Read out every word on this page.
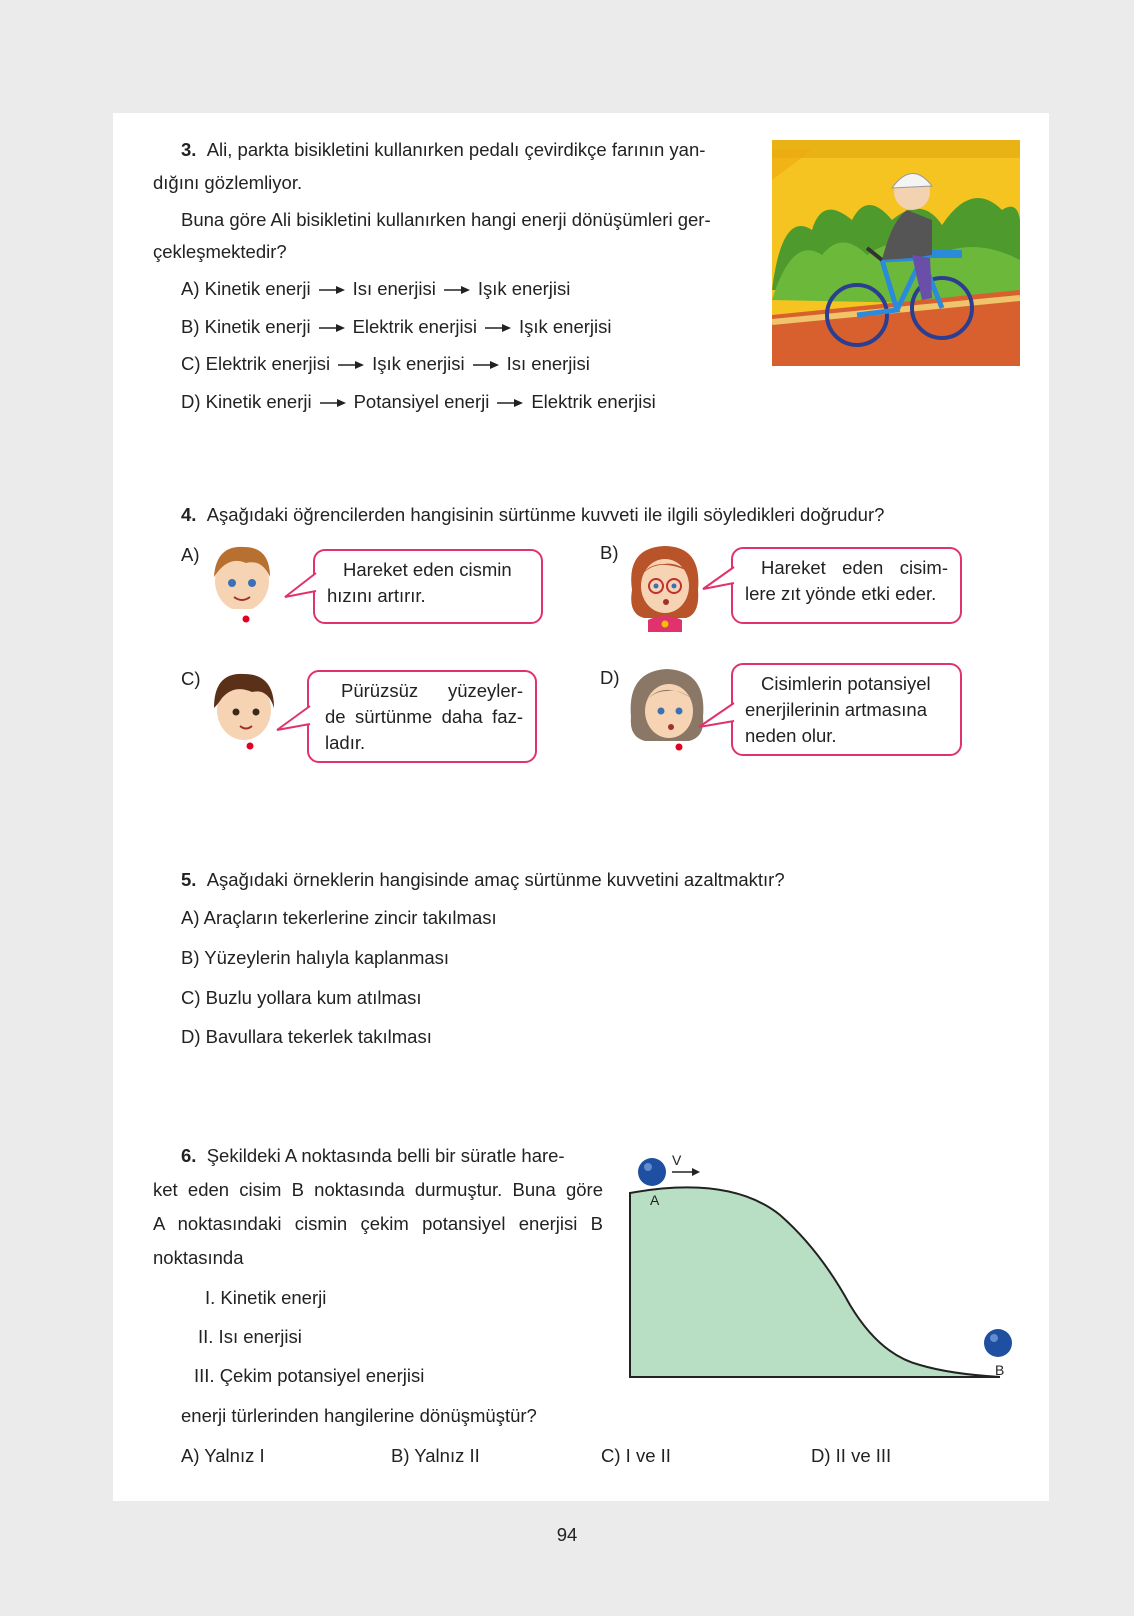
3. Ali, parkta bisikletini kullanırken pedalı çevirdikçe farının yan-
dığını gözlemliyor.
Buna göre Ali bisikletini kullanırken hangi enerji dönüşümleri ger-
çekleşmektedir?
A) Kinetik enerji Isı enerjisi Işık enerjisi
B) Kinetik enerji Elektrik enerjisi Işık enerjisi
C) Elektrik enerjisi Işık enerjisi Isı enerjisi
D) Kinetik enerji Potansiyel enerji Elektrik enerjisi
4. Aşağıdaki öğrencilerden hangisinin sürtünme kuvveti ile ilgili söyledikleri doğrudur?
A)
Hareket eden cismin
hızını artırır.
B)
Hareket eden cisim-
lere zıt yönde etki eder.
C)
Pürüzsüz yüzeyler-
de sürtünme daha faz-
ladır.
D)	Cisimlerin potansiyel
enerjilerinin artmasına
neden olur.
5. Aşağıdaki örneklerin hangisinde amaç sürtünme kuvvetini azaltmaktır?
A) Araçların tekerlerine zincir takılması
B) Yüzeylerin halıyla kaplanması
C) Buzlu yollara kum atılması
D) Bavullara tekerlek takılması
6. Şekildeki A noktasında belli bir süratle hare-
ket eden cisim B noktasında durmuştur. Buna göre
A noktasındaki cismin çekim potansiyel enerjisi B
noktasında
I. Kinetik enerji
II. Isı enerjisi
III. Çekim potansiyel enerjisi
enerji türlerinden hangilerine dönüşmüştür?
A) Yalnız I	B) Yalnız II	C) I ve II	D) II ve III
V
A
B
94
